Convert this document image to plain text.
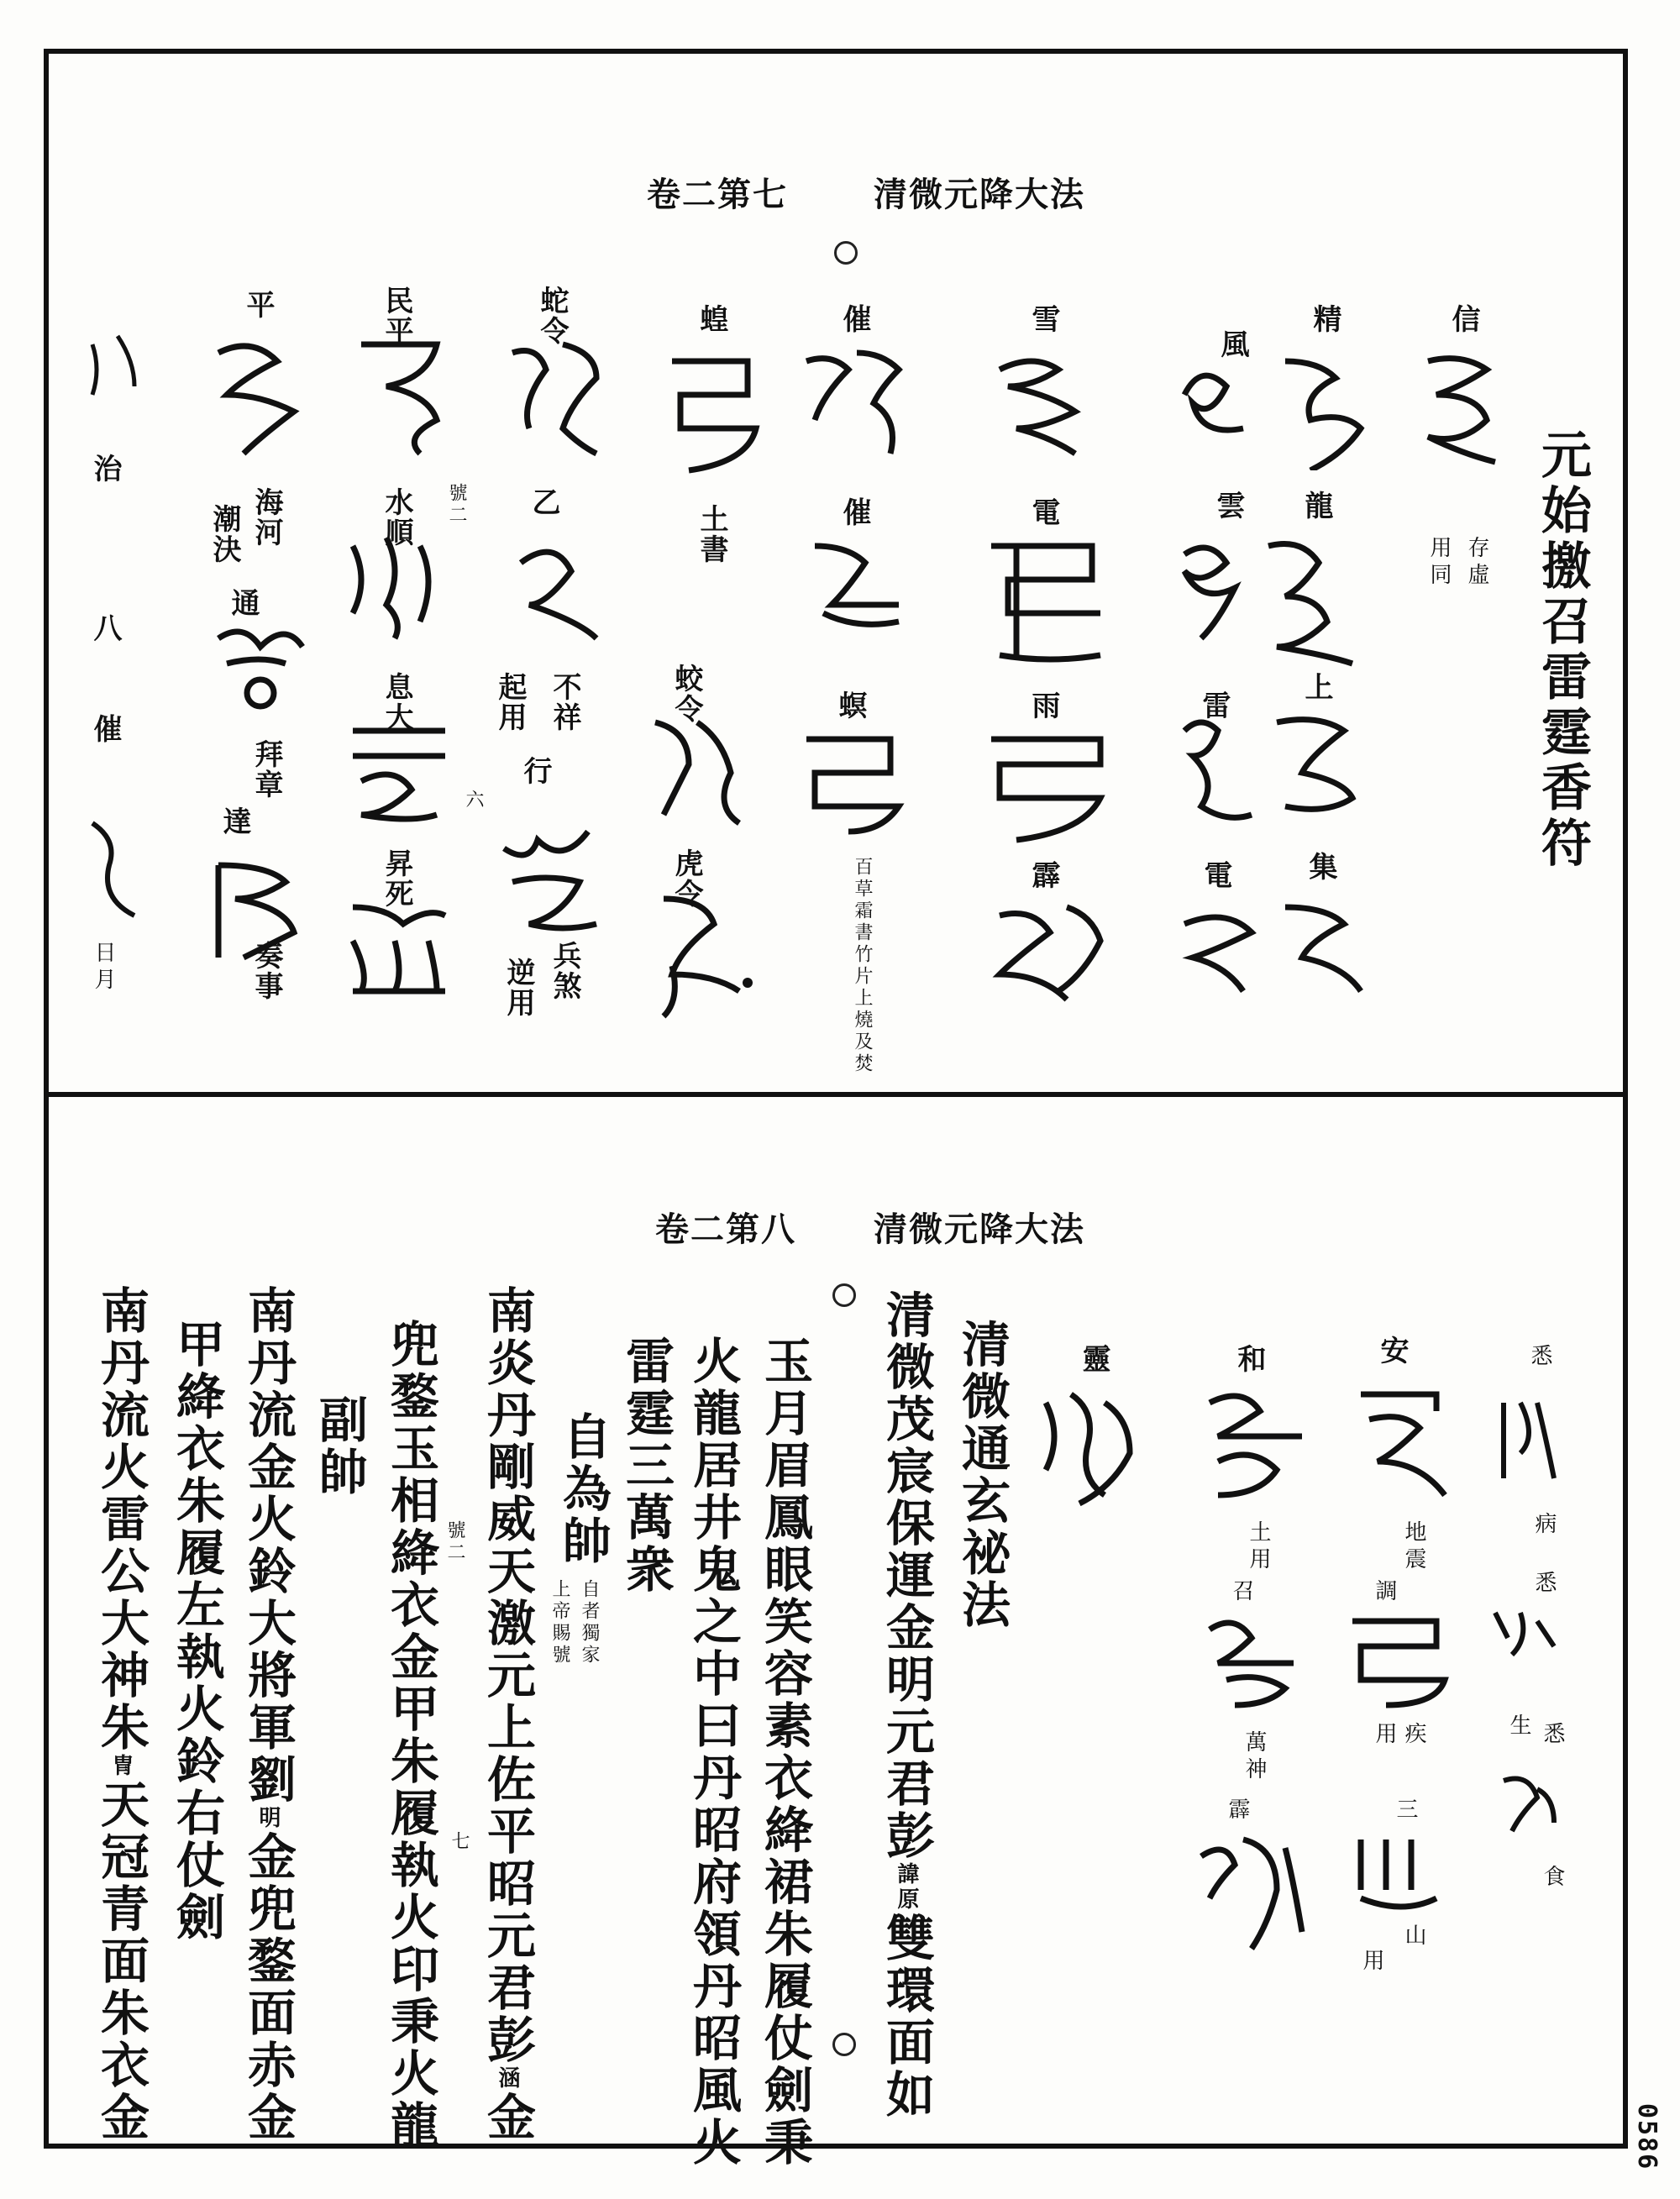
清微元降大法
卷二第七
元始撽召雷霆香符
信
存虛
用同
精
風
龍
雲
上
雷
集
電
雪
電
雨
霹
催
催
螟
百草霜書竹片上燒及焚
蝗
土書
蛟令
虎令
蛇令
乙
不祥
起用
行
兵煞
逆用
六
民平
水順 號二
息大
昇死
平
海河
潮決
通
拜章
達
奏事
治
八
催
日月
清微元降大法
卷二第八
悉
病
悉
生 悉
食
安
地震
調
疾
用
三
山
用
和
土用
召
萬神
霹
靈
清微通玄祕法
清微茂宸保運金明元君彭諱原雙環面如
玉月眉鳳眼笑容素衣絳裙朱履仗劍秉
火龍居井鬼之中曰丹昭府領丹昭風火
雷霆三萬衆
自為帥
自者獨家
上帝賜號
南炎丹剛威天激元上佐平昭元君彭涵金
號二
七
兜鍪玉相絳衣金甲朱履執火印秉火龍
副帥
南丹流金火鈴大將軍劉明金兜鍪面赤金
甲絳衣朱履左執火鈴右仗劍
南丹流火雷公大神朱冑天冠青面朱衣金	0586
